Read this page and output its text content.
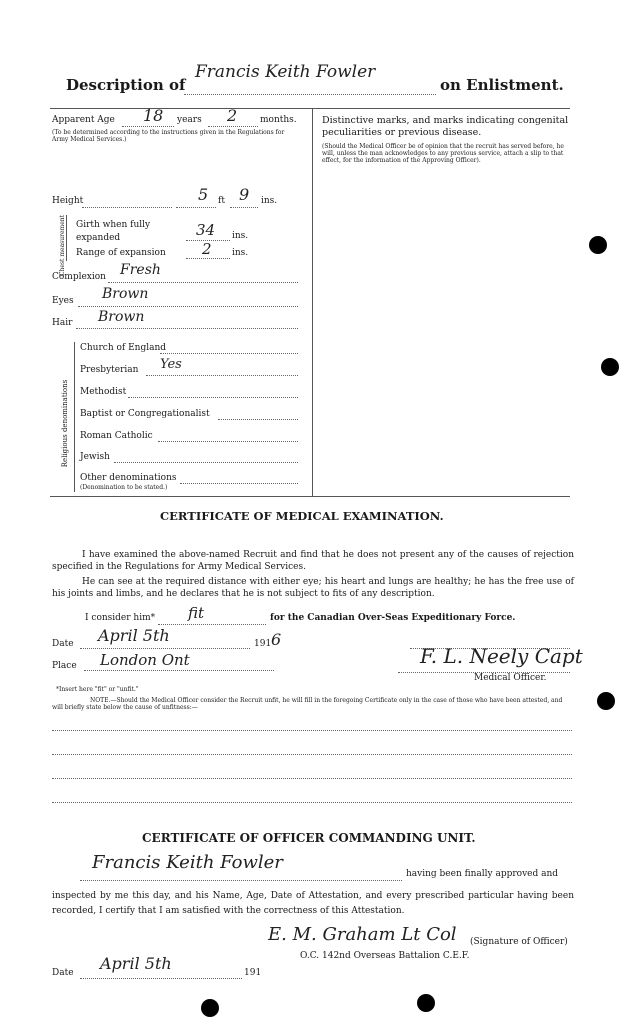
Description of
Francis Keith Fowler
on Enlistment.
Apparent Age 18 years 2	months.
(To be determined according to the instructions given in the Regulations for Army Medical Services.)
Height	5 ft 9 ins.
Chest measurement Girth when fully expanded	34 ins.
Range of expansion 2 ins.
Complexion Fresh
Eyes Brown
Hair Brown
Religious denominations
Church of England
Presbyterian Yes
Methodist
Baptist or Congregationalist
Roman Catholic
Jewish
Other denominations
(Denomination to be stated.)
Distinctive marks, and marks indicating congenital peculiarities or previous disease.
(Should the Medical Officer be of opinion that the recruit has served before, he will, unless the man acknowledges to any previous service, attach a slip to that effect, for the information of the Approving Officer).
CERTIFICATE OF MEDICAL EXAMINATION.
I have examined the above-named Recruit and find that he does not present any of the causes of rejection specified in the Regulations for Army Medical Services.
He can see at the required distance with either eye; his heart and lungs are healthy; he has the free use of his joints and limbs, and he declares that he is not subject to fits of any description.
I consider him* fit	for the Canadian Over-Seas Expeditionary Force.
Date April 5th	191 6
Place London Ont	F. L. Neely Capt
Medical Officer.
*Insert here "fit" or "unfit."
NOTE.—Should the Medical Officer consider the Recruit unfit, he will fill in the foregoing Certificate only in the case of those who have been attested, and will briefly state below the cause of unfitness:—
CERTIFICATE OF OFFICER COMMANDING UNIT.
Francis Keith Fowler
having been finally approved and
inspected by me this day, and his Name, Age, Date of Attestation, and every prescribed particular having been recorded, I certify that I am satisfied with the correctness of this Attestation.
E. M. Graham Lt Col (Signature of Officer)
O.C. 142nd Overseas Battalion C.E.F.
Date April 5th	191
